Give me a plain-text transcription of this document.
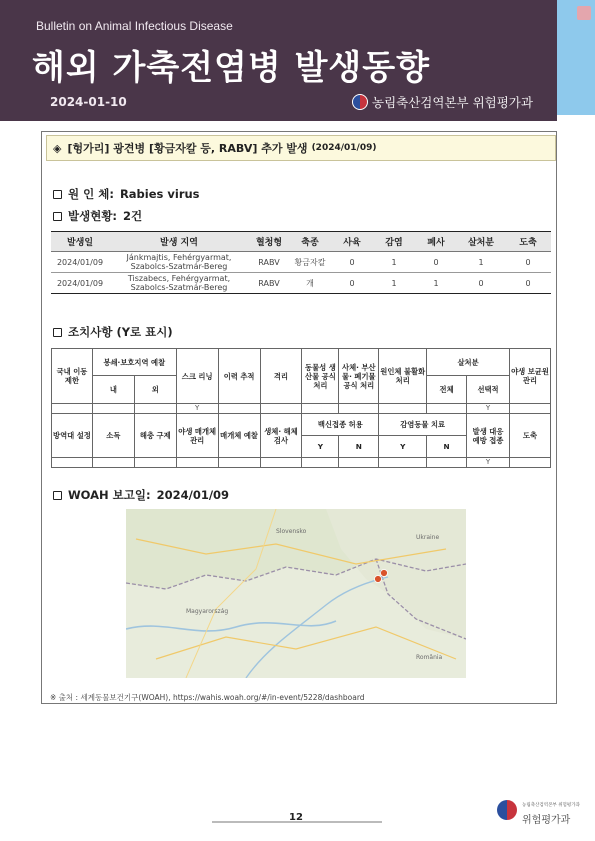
Bulletin on Animal Infectious Disease
해외 가축전염병 발생동향
2024-01-10	농림축산검역본부 위험평가과
◈ [헝가리] 광견병 [황금자칼 등, RABV] 추가 발생 (2024/01/09)
원 인 체: Rabies virus
발생현황: 2건
발생일	발생 지역	혈청형	축종	사육	감염	폐사	살처분	도축
2024/01/09	Jánkmajtis, Fehérgyarmat, Szabolcs-Szatmár-Bereg	RABV	황금자칼	0	1	0	1	0
2024/01/09	Tiszabecs, Fehérgyarmat, Szabolcs-Szatmár-Bereg	RABV	개	0	1	1	0	0
조치사항 (Y로 표시)
국내 이동 제한	봉쇄·보호지역 예찰		스크 리닝	이력 추적	격리	동물성 생산물 공식 처리	사체· 부산물· 폐기물 공식 처리	원인체 불활화 처리	살처분		야생 보균원 관리
	내	외							전체	선택적	
			Y							Y	
방역대 설정	소독	해충 구제	야생 매개체 관리	매개체 예찰	생체· 해체 검사	백신접종 허용		감염동물 치료		발생 대응 예방 접종	도축
						Y	N	Y	N		
										Y	
WOAH 보고일: 2024/01/09
Slovensko
Magyarország
Ukraine
România
※ 출처 : 세계동물보건기구(WOAH), https://wahis.woah.org/#/in-event/5228/dashboard
12
농림축산검역본부 위험평가과
위험평가과
